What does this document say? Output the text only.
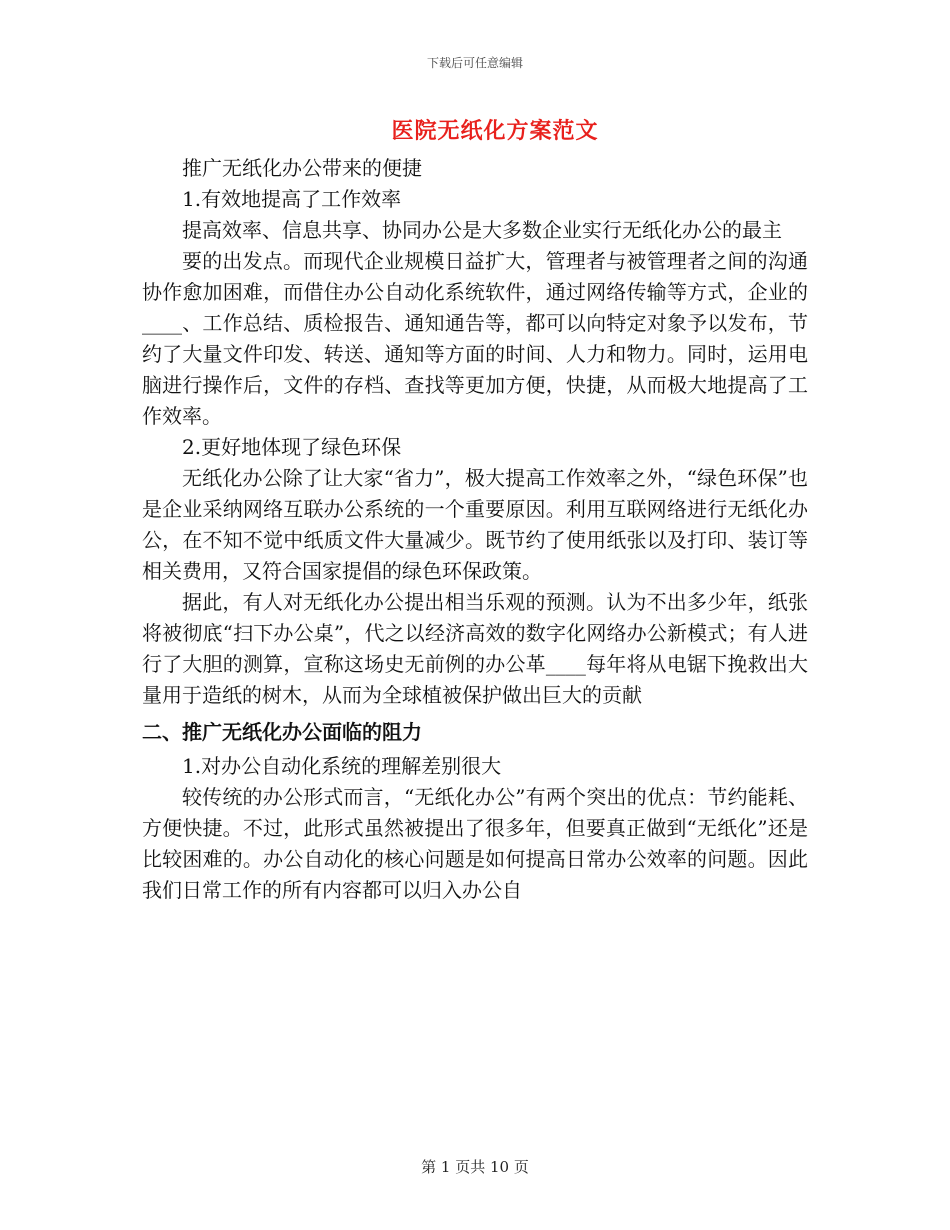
下载后可任意编辑
医院无纸化方案范文

推广无纸化办公带来的便捷

1.有效地提高了工作效率

提高效率、信息共享、协同办公是大多数企业实行无纸化办公的最主

要的出发点。而现代企业规模日益扩大，管理者与被管理者之间的沟通协作愈加困难，而借住办公自动化系统软件，通过网络传输等方式，企业的____、工作总结、质检报告、通知通告等，都可以向特定对象予以发布，节约了大量文件印发、转送、通知等方面的时间、人力和物力。同时，运用电脑进行操作后，文件的存档、查找等更加方便，快捷，从而极大地提高了工作效率。

2.更好地体现了绿色环保

无纸化办公除了让大家“省力”，极大提高工作效率之外，“绿色环保”也是企业采纳网络互联办公系统的一个重要原因。利用互联网络进行无纸化办公，在不知不觉中纸质文件大量减少。既节约了使用纸张以及打印、装订等相关费用，又符合国家提倡的绿色环保政策。

据此，有人对无纸化办公提出相当乐观的预测。认为不出多少年，纸张将被彻底“扫下办公桌”，代之以经济高效的数字化网络办公新模式；有人进行了大胆的测算，宣称这场史无前例的办公革____每年将从电锯下挽救出大量用于造纸的树木，从而为全球植被保护做出巨大的贡献

二、推广无纸化办公面临的阻力

1.对办公自动化系统的理解差别很大

较传统的办公形式而言，“无纸化办公”有两个突出的优点：节约能耗、方便快捷。不过，此形式虽然被提出了很多年，但要真正做到“无纸化”还是比较困难的。办公自动化的核心问题是如何提高日常办公效率的问题。因此我们日常工作的所有内容都可以归入办公自

第 1 页共 10 页
